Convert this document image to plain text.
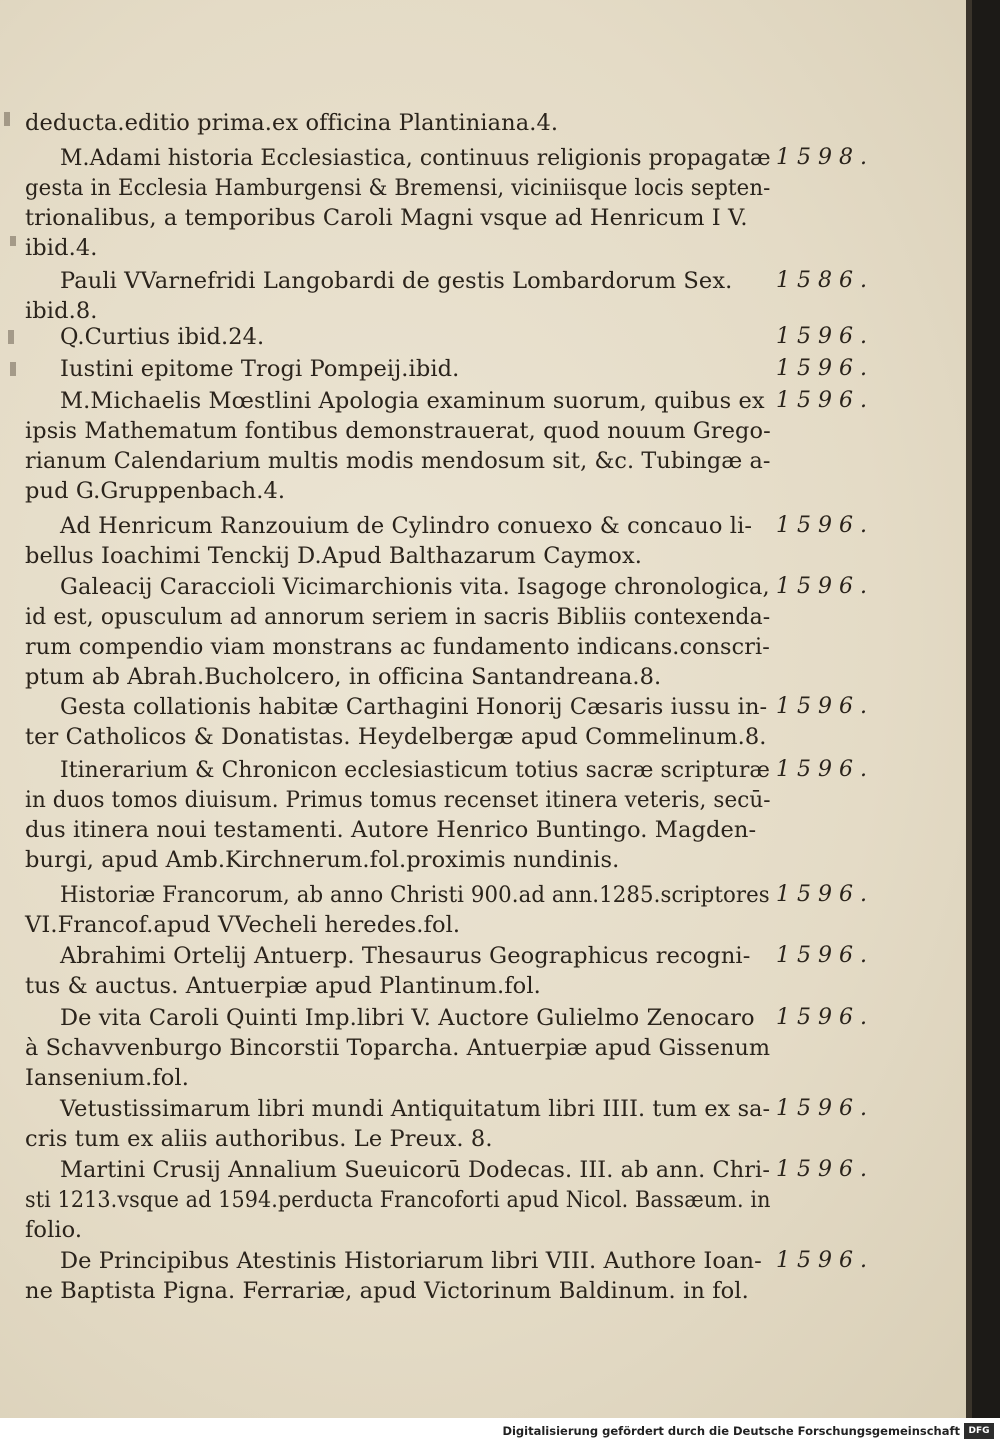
deducta.editio prima.ex officina Plantiniana.4.
M.Adami historia Ecclesiastica, continuus religionis propagatæ
gesta in Ecclesia Hamburgensi & Bremensi, viciniisque locis septen-
trionalibus, a temporibus Caroli Magni vsque ad Henricum I V.
ibid.4.
1598.
Pauli VVarnefridi Langobardi de gestis Lombardorum Sex.
ibid.8.
1586.
Q.Curtius ibid.24.	1596.
Iustini epitome Trogi Pompeij.ibid.	1596.
M.Michaelis Mœstlini Apologia examinum suorum, quibus ex
ipsis Mathematum fontibus demonstrauerat, quod nouum Grego-
rianum Calendarium multis modis mendosum sit, &c. Tubingæ a-
pud G.Gruppenbach.4.
1596.
Ad Henricum Ranzouium de Cylindro conuexo & concauo li-
bellus Ioachimi Tenckij D.Apud Balthazarum Caymox.
1596.
Galeacij Caraccioli Vicimarchionis vita. Isagoge chronologica,
id est, opusculum ad annorum seriem in sacris Bibliis contexenda-
rum compendio viam monstrans ac fundamento indicans.conscri-
ptum ab Abrah.Bucholcero, in officina Santandreana.8.
1596.
Gesta collationis habitæ Carthagini Honorij Cæsaris iussu in-
ter Catholicos & Donatistas. Heydelbergæ apud Commelinum.8.
1596.
Itinerarium & Chronicon ecclesiasticum totius sacræ scripturæ
in duos tomos diuisum. Primus tomus recenset itinera veteris, secū-
dus itinera noui testamenti. Autore Henrico Buntingo. Magden-
burgi, apud Amb.Kirchnerum.fol.proximis nundinis.
1596.
Historiæ Francorum, ab anno Christi 900.ad ann.1285.scriptores
VI.Francof.apud VVecheli heredes.fol.
1596.
Abrahimi Ortelij Antuerp. Thesaurus Geographicus recogni-
tus & auctus. Antuerpiæ apud Plantinum.fol.
1596.
De vita Caroli Quinti Imp.libri V. Auctore Gulielmo Zenocaro
à Schavvenburgo Bincorstii Toparcha. Antuerpiæ apud Gissenum
Iansenium.fol.
1596.
Vetustissimarum libri mundi Antiquitatum libri IIII. tum ex sa-
cris tum ex aliis authoribus. Le Preux. 8.
1596.
Martini Crusij Annalium Sueuicorū Dodecas. III. ab ann. Chri-
sti 1213.vsque ad 1594.perducta Francoforti apud Nicol. Bassæum. in
folio.
1596.
De Principibus Atestinis Historiarum libri VIII. Authore Ioan-
ne Baptista Pigna. Ferrariæ, apud Victorinum Baldinum. in fol.
1596.
Digitalisierung gefördert durch die Deutsche Forschungsgemeinschaft DFG
